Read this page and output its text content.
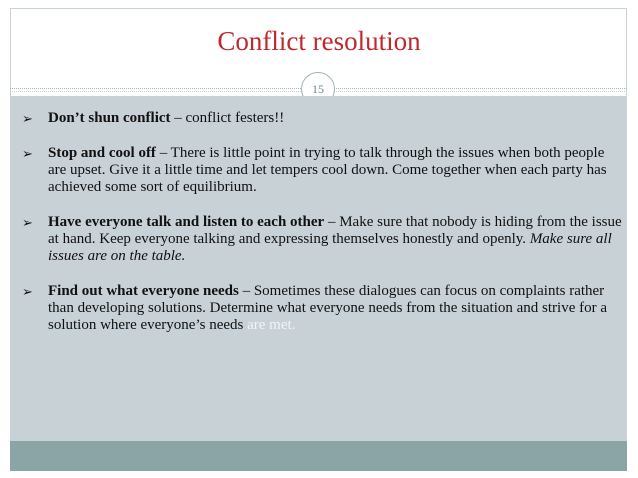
Conflict resolution
15
➢ Don’t shun conflict – conflict festers!!
➢ Stop and cool off – There is little point in trying to talk through the issues when both people are upset. Give it a little time and let tempers cool down. Come together when each party has achieved some sort of equilibrium.
➢ Have everyone talk and listen to each other – Make sure that nobody is hiding from the issue at hand. Keep everyone talking and expressing themselves honestly and openly. Make sure all issues are on the table.
➢ Find out what everyone needs – Sometimes these dialogues can focus on complaints rather than developing solutions. Determine what everyone needs from the situation and strive for a solution where everyone’s needs are met.
